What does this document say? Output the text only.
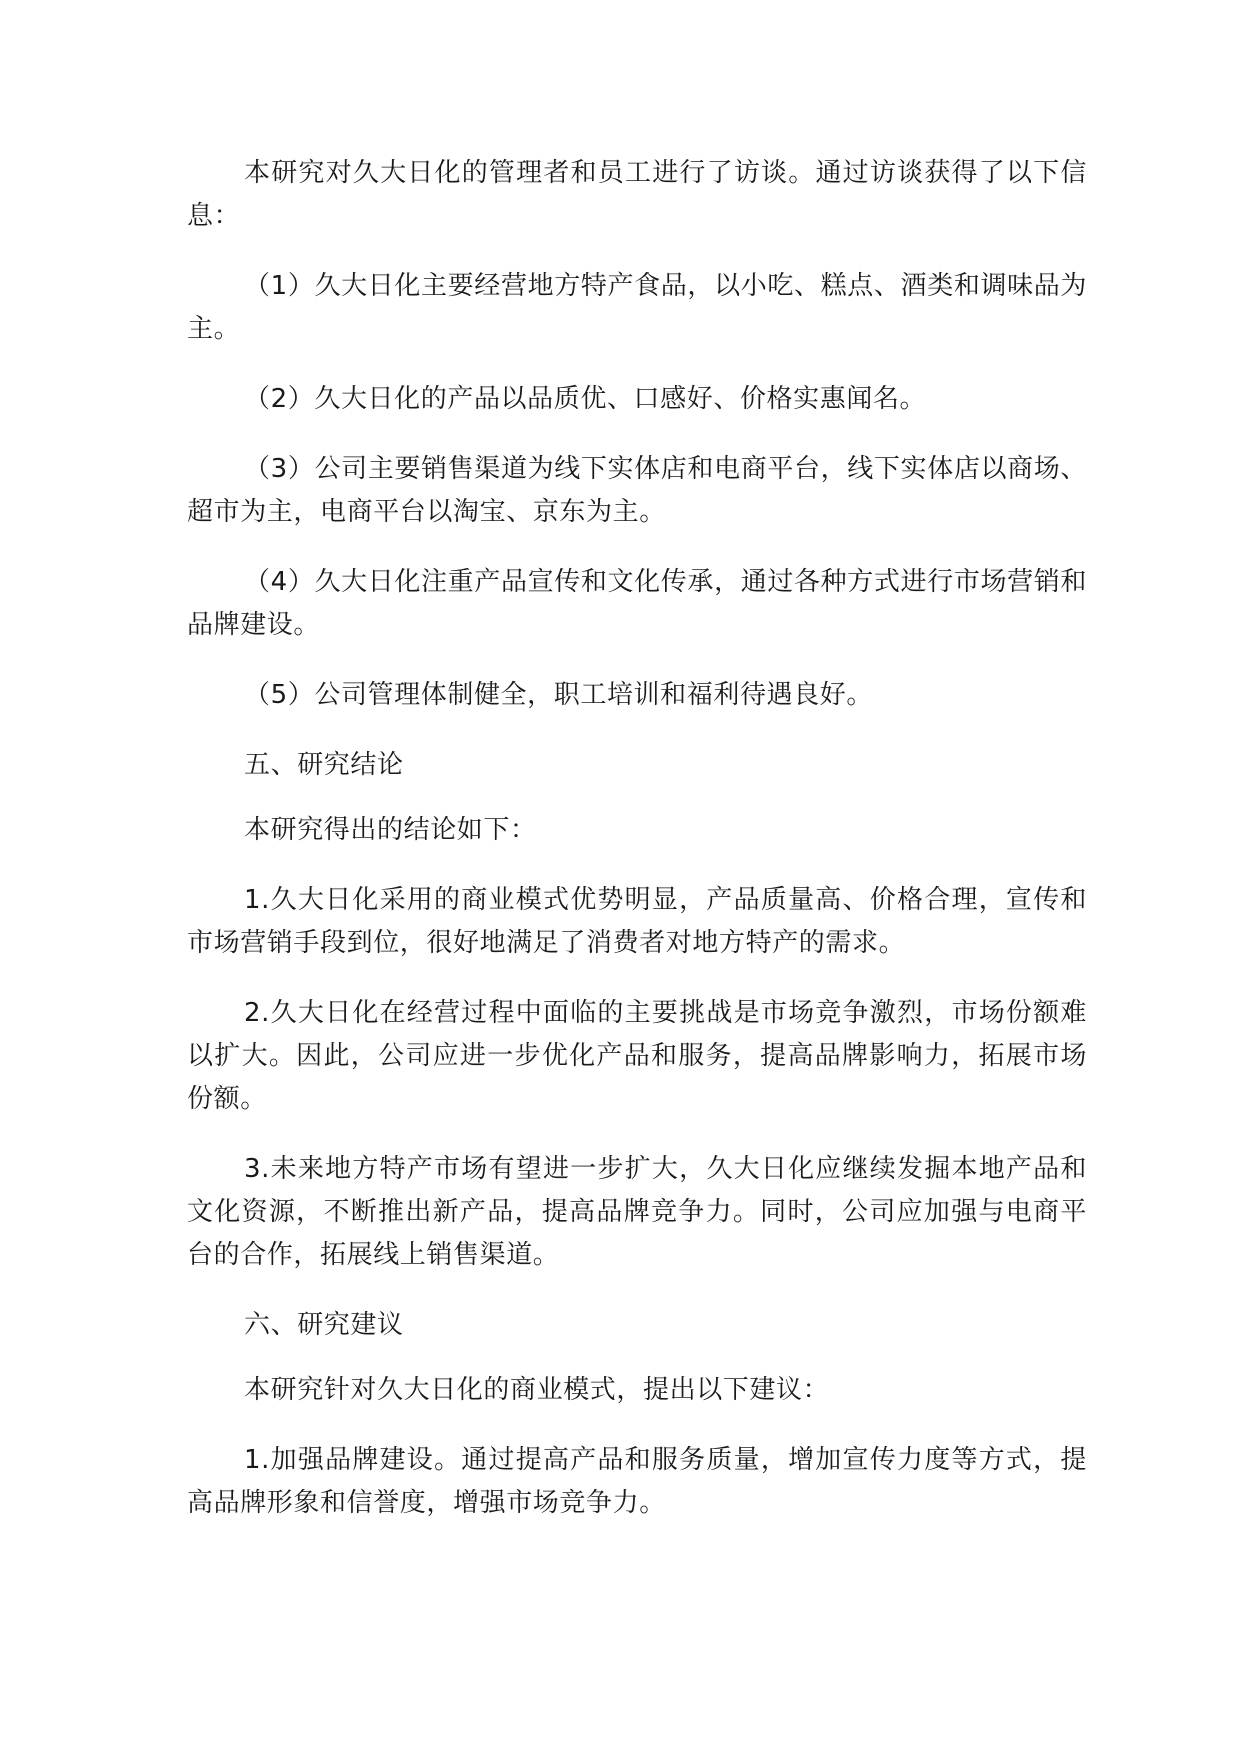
本研究对久大日化的管理者和员工进行了访谈。通过访谈获得了以下信息：

（1）久大日化主要经营地方特产食品，以小吃、糕点、酒类和调味品为主。

（2）久大日化的产品以品质优、口感好、价格实惠闻名。

（3）公司主要销售渠道为线下实体店和电商平台，线下实体店以商场、超市为主，电商平台以淘宝、京东为主。

（4）久大日化注重产品宣传和文化传承，通过各种方式进行市场营销和品牌建设。

（5）公司管理体制健全，职工培训和福利待遇良好。

五、研究结论

本研究得出的结论如下：

1.久大日化采用的商业模式优势明显，产品质量高、价格合理，宣传和市场营销手段到位，很好地满足了消费者对地方特产的需求。

2.久大日化在经营过程中面临的主要挑战是市场竞争激烈，市场份额难以扩大。因此，公司应进一步优化产品和服务，提高品牌影响力，拓展市场份额。

3.未来地方特产市场有望进一步扩大，久大日化应继续发掘本地产品和文化资源，不断推出新产品，提高品牌竞争力。同时，公司应加强与电商平台的合作，拓展线上销售渠道。

六、研究建议

本研究针对久大日化的商业模式，提出以下建议：

1.加强品牌建设。通过提高产品和服务质量，增加宣传力度等方式，提高品牌形象和信誉度，增强市场竞争力。
